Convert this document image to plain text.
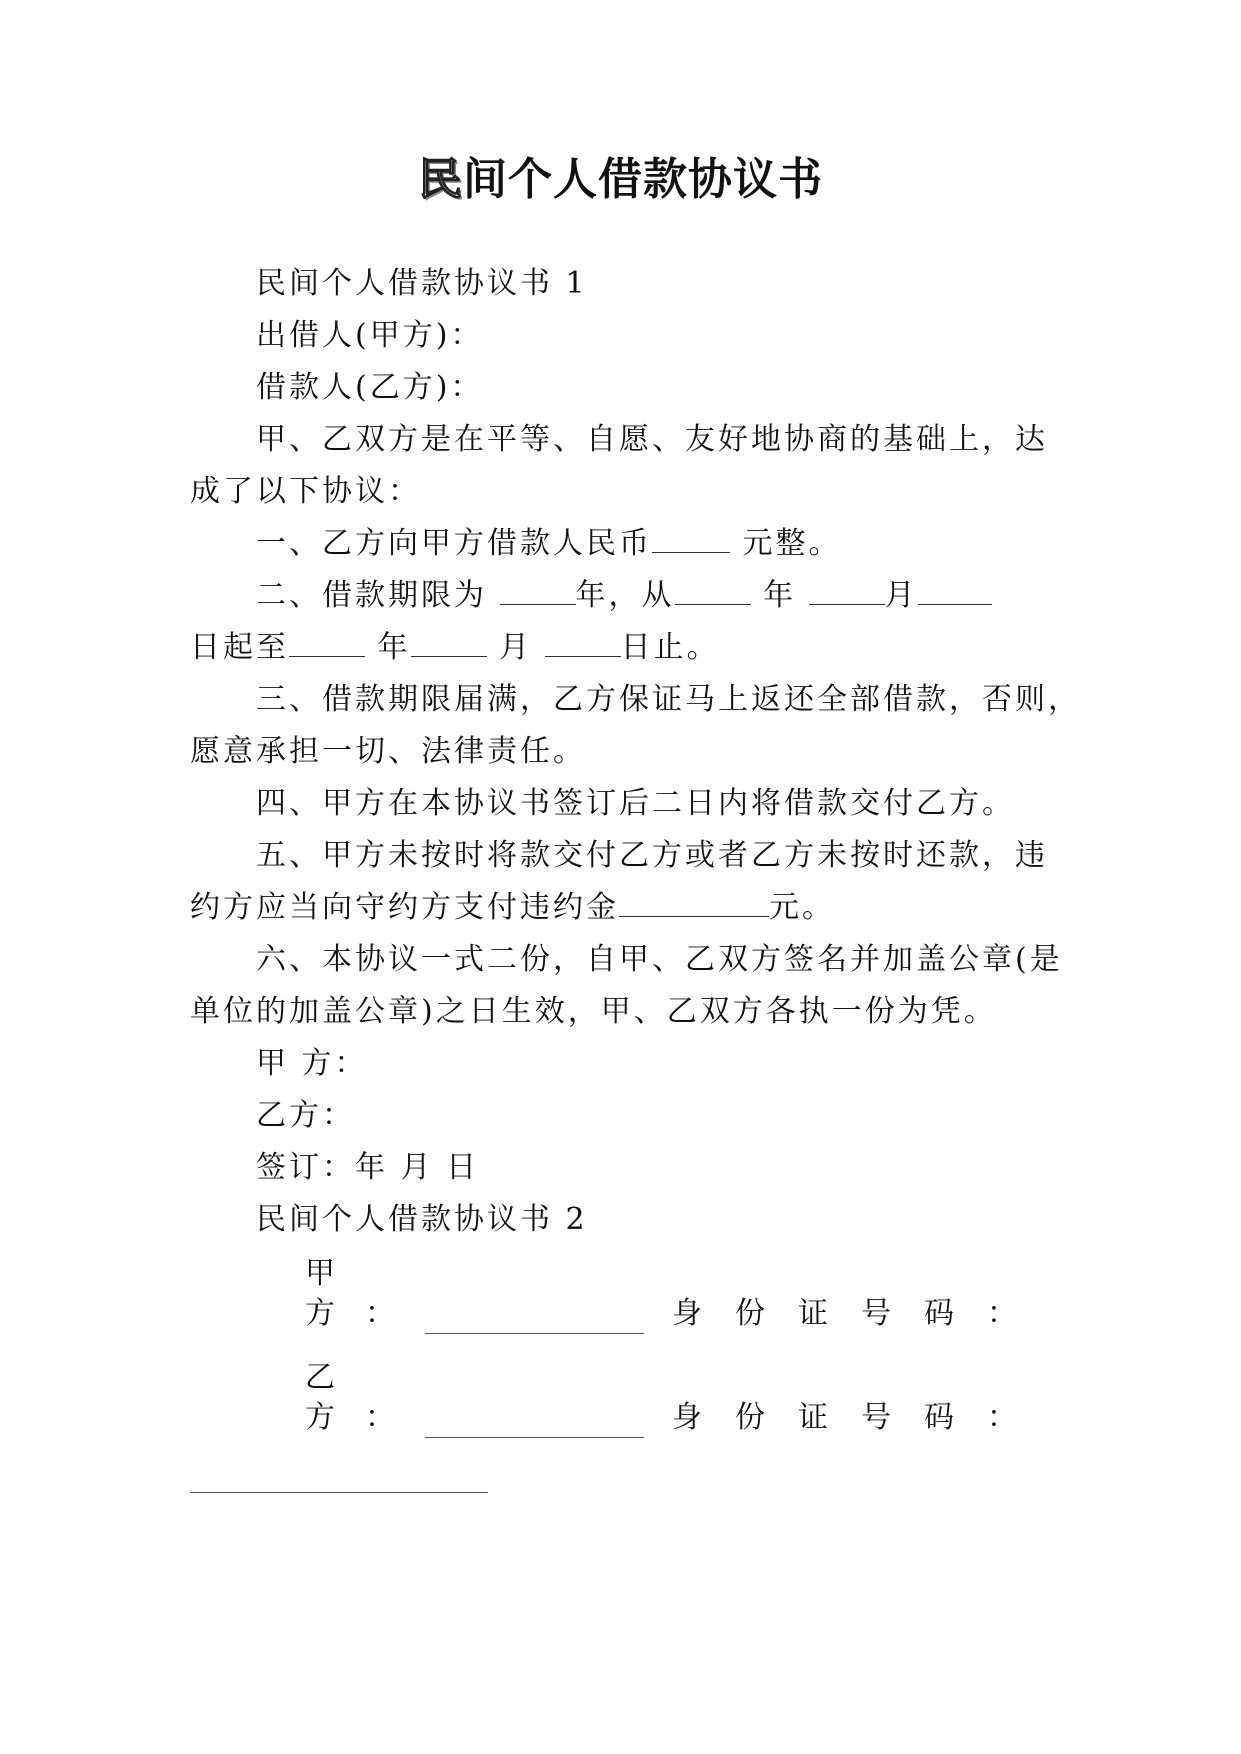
民间个人借款协议书
民间个人借款协议书 1
出借人(甲方)：
借款人(乙方)：
甲、乙双方是在平等、自愿、友好地协商的基础上，达
成了以下协议：
一、乙方向甲方借款人民币	元整。
二、借款期限为	年，从	年	月
日起至	年	月	日止。
三、借款期限届满，乙方保证马上返还全部借款，否则，
愿意承担一切、法律责任。
四、甲方在本协议书签订后二日内将借款交付乙方。
五、甲方未按时将款交付乙方或者乙方未按时还款，违
约方应当向守约方支付违约金	元。
六、本协议一式二份，自甲、乙双方签名并加盖公章(是
单位的加盖公章)之日生效，甲、乙双方各执一份为凭。
甲 方：
乙方：
签订：年 月 日
民间个人借款协议书 2
甲方：	身份证号码：
乙方：	身份证号码：
